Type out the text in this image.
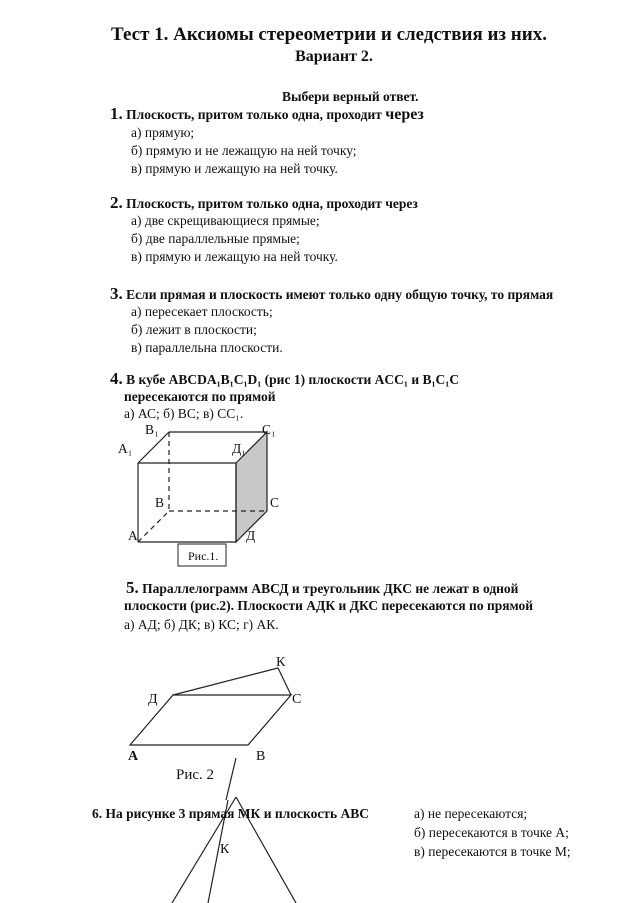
Тест 1. Аксиомы стереометрии и следствия из них.
Вариант 2.
Выбери верный ответ.
1. Плоскость, притом только одна, проходит через
а) прямую;
б) прямую и не лежащую на ней точку;
в) прямую и лежащую на ней точку.
2. Плоскость, притом только одна, проходит через
а) две скрещивающиеся прямые;
б) две параллельные прямые;
в) прямую и лежащую на ней точку.
3. Если прямая и плоскость имеют только одну общую точку, то прямая
а) пересекает плоскость;
б) лежит в плоскости;
в) параллельна плоскости.
4. В кубе ABCDA₁B₁C₁D₁ (рис 1) плоскости ACC₁ и B₁C₁C
пересекаются по прямой
а) АС; б) ВС; в) СС₁.
B₁	C₁
A₁	Д₁
B	C
А	Д
Рис.1.
К
Д	С
А	В
Рис. 2
К
5. Параллелограмм АВСД и треугольник ДКС не лежат в одной
плоскости (рис.2). Плоскости АДК и ДКС пересекаются по прямой
а) АД; б) ДК; в) КС; г) АК.
6. На рисунке 3 прямая МК и плоскость АВС	а) не пересекаются;
б) пересекаются в точке А;
в) пересекаются в точке М;
